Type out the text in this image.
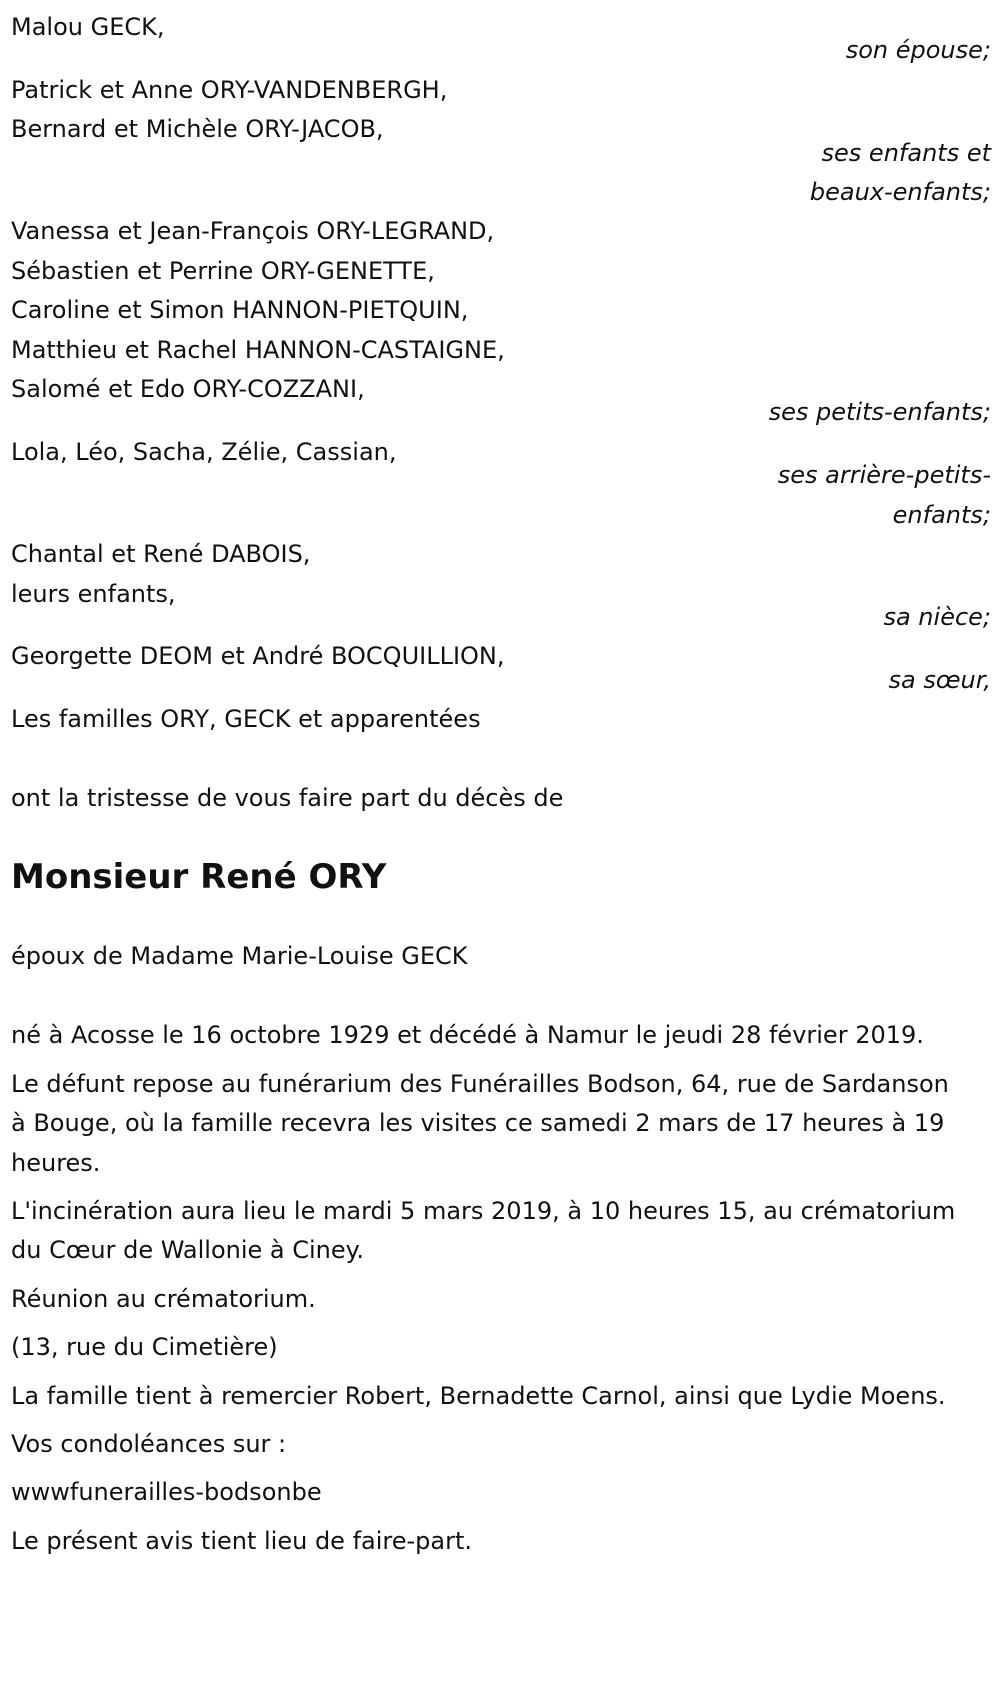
Malou GECK,
son épouse;
Patrick et Anne ORY-VANDENBERGH,
Bernard et Michèle ORY-JACOB,
ses enfants et beaux-enfants;
Vanessa et Jean-François ORY-LEGRAND,
Sébastien et Perrine ORY-GENETTE,
Caroline et Simon HANNON-PIETQUIN,
Matthieu et Rachel HANNON-CASTAIGNE,
Salomé et Edo ORY-COZZANI,
ses petits-enfants;
Lola, Léo, Sacha, Zélie, Cassian,
ses arrière-petits-enfants;
Chantal et René DABOIS,
leurs enfants,
sa nièce;
Georgette DEOM et André BOCQUILLION,
sa sœur,
Les familles ORY, GECK et apparentées
ont la tristesse de vous faire part du décès de
Monsieur René ORY
époux de Madame Marie-Louise GECK
né à Acosse le 16 octobre 1929 et décédé à Namur le jeudi 28 février 2019.
Le défunt repose au funérarium des Funérailles Bodson, 64, rue de Sardanson à Bouge, où la famille recevra les visites ce samedi 2 mars de 17 heures à 19 heures.
L'incinération aura lieu le mardi 5 mars 2019, à 10 heures 15, au crématorium du Cœur de Wallonie à Ciney.
Réunion au crématorium.
(13, rue du Cimetière)
La famille tient à remercier Robert, Bernadette Carnol, ainsi que Lydie Moens.
Vos condoléances sur :
wwwfunerailles-bodsonbe
Le présent avis tient lieu de faire-part.
